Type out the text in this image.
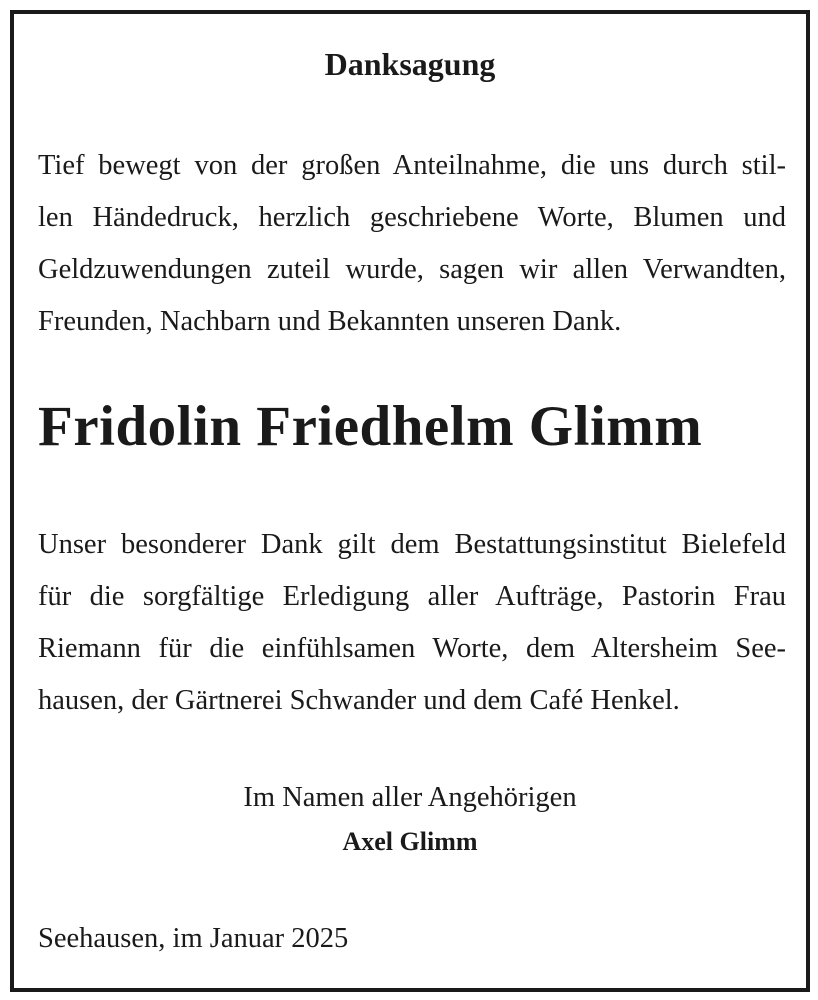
Danksagung
Tief bewegt von der großen Anteilnahme, die uns durch stil-
len Händedruck, herzlich geschriebene Worte, Blumen und
Geldzuwendungen zuteil wurde, sagen wir allen Verwandten,
Freunden, Nachbarn und Bekannten unseren Dank.
Fridolin Friedhelm Glimm
Unser besonderer Dank gilt dem Bestattungsinstitut Bielefeld
für die sorgfältige Erledigung aller Aufträge, Pastorin Frau
Riemann für die einfühlsamen Worte, dem Altersheim See-
hausen, der Gärtnerei Schwander und dem Café Henkel.
Im Namen aller Angehörigen
Axel Glimm
Seehausen, im Januar 2025
